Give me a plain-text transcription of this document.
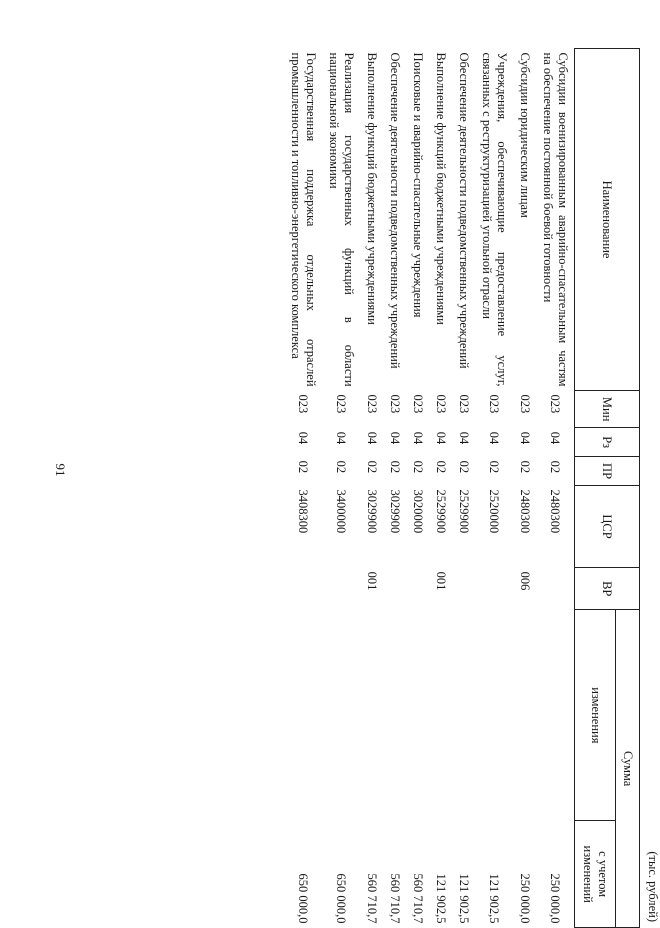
91
(тыс. рублей)
Наименование	Мин	Рз	ПР	ЦСР	ВР	Сумма	
						изменения	с учетом изменений
Субсидии военизированным аварийно-спасательным частям на обеспечение постоянной боевой готовности	023	04	02	2480300			250 000,0
Субсидии юридическим лицам	023	04	02	2480300	006		250 000,0
Учреждения, обеспечивающие предоставление услуг, связанных с реструктуризацией угольной отрасли	023	04	02	2520000			121 902,5
Обеспечение деятельности подведомственных учреждений	023	04	02	2529900			121 902,5
Выполнение функций бюджетными учреждениями	023	04	02	2529900	001		121 902,5
Поисковые и аварийно-спасательные учреждения	023	04	02	3020000			560 710,7
Обеспечение деятельности подведомственных учреждений	023	04	02	3029900			560 710,7
Выполнение функций бюджетными учреждениями	023	04	02	3029900	001		560 710,7
Реализация государственных функций в области национальной экономики	023	04	02	3400000			650 000,0
Государственная поддержка отдельных отраслей промышленности и топливно-энергетического комплекса	023	04	02	3408300			650 000,0
